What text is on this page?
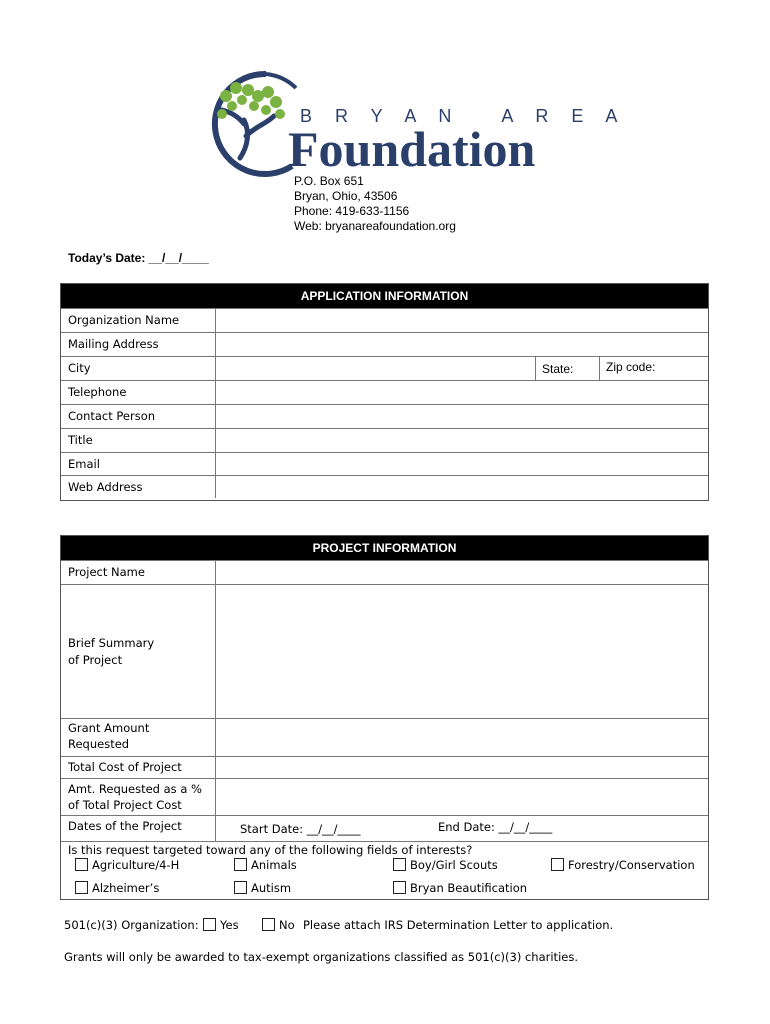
B R Y A N   A R E A
Foundation
P.O. Box 651
Bryan, Ohio, 43506
Phone: 419-633-1156
Web: bryanareafoundation.org
Today’s Date: __/__/____
APPLICATION INFORMATION
Organization Name
Mailing Address
City	State:	Zip code:
Telephone
Contact Person
Title
Email
Web Address
PROJECT INFORMATION
Project Name
Brief Summary
of Project
Grant Amount
Requested
Total Cost of Project
Amt. Requested as a %
of Total Project Cost
Dates of the Project	Start Date: __/__/____	End Date: __/__/____
Is this request targeted toward any of the following fields of interests?
Agriculture/4-H	Animals	Boy/Girl Scouts	Forestry/Conservation
Alzheimer’s	Autism	Bryan Beautification
501(c)(3) Organization:	Yes	No Please attach IRS Determination Letter to application.
Grants will only be awarded to tax-exempt organizations classified as 501(c)(3) charities.
